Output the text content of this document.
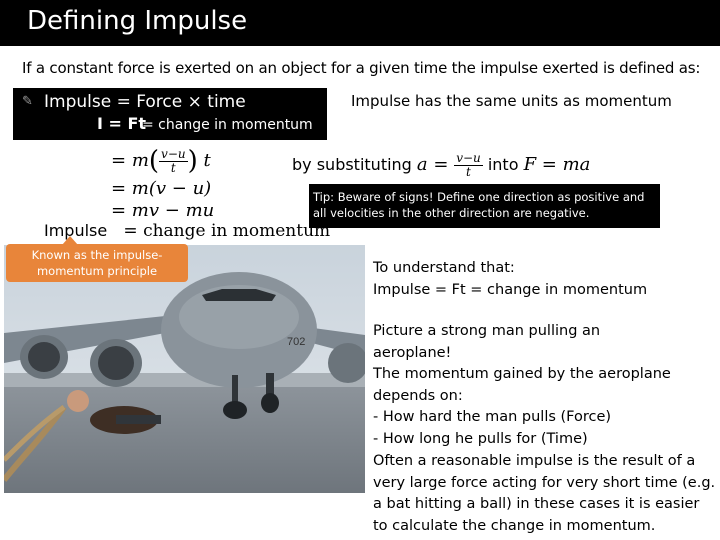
Defining Impulse
If a constant force is exerted on an object for a given time the impulse exerted is defined as:
✎ Impulse = Force × time
I = Ft
= change in momentum
Impulse has the same units as momentum
= $m( \frac{v-u}{t}$ ) t
= m(v − u)
= mv − mu
by substituting $a = \frac{v-u}{t}$ into F = ma
Tip: Beware of signs! Define one direction as positive and all velocities in the other direction are negative.
Impulse = change in momentum
702
Known as the impulse-momentum principle	To understand that:
Impulse = Ft = change in momentum
Picture a strong man pulling an aeroplane!
The momentum gained by the aeroplane depends on:
- How hard the man pulls (Force)
- How long he pulls for (Time)
Often a reasonable impulse is the result of a very large force acting for very short time (e.g. a bat hitting a ball) in these cases it is easier to calculate the change in momentum.
